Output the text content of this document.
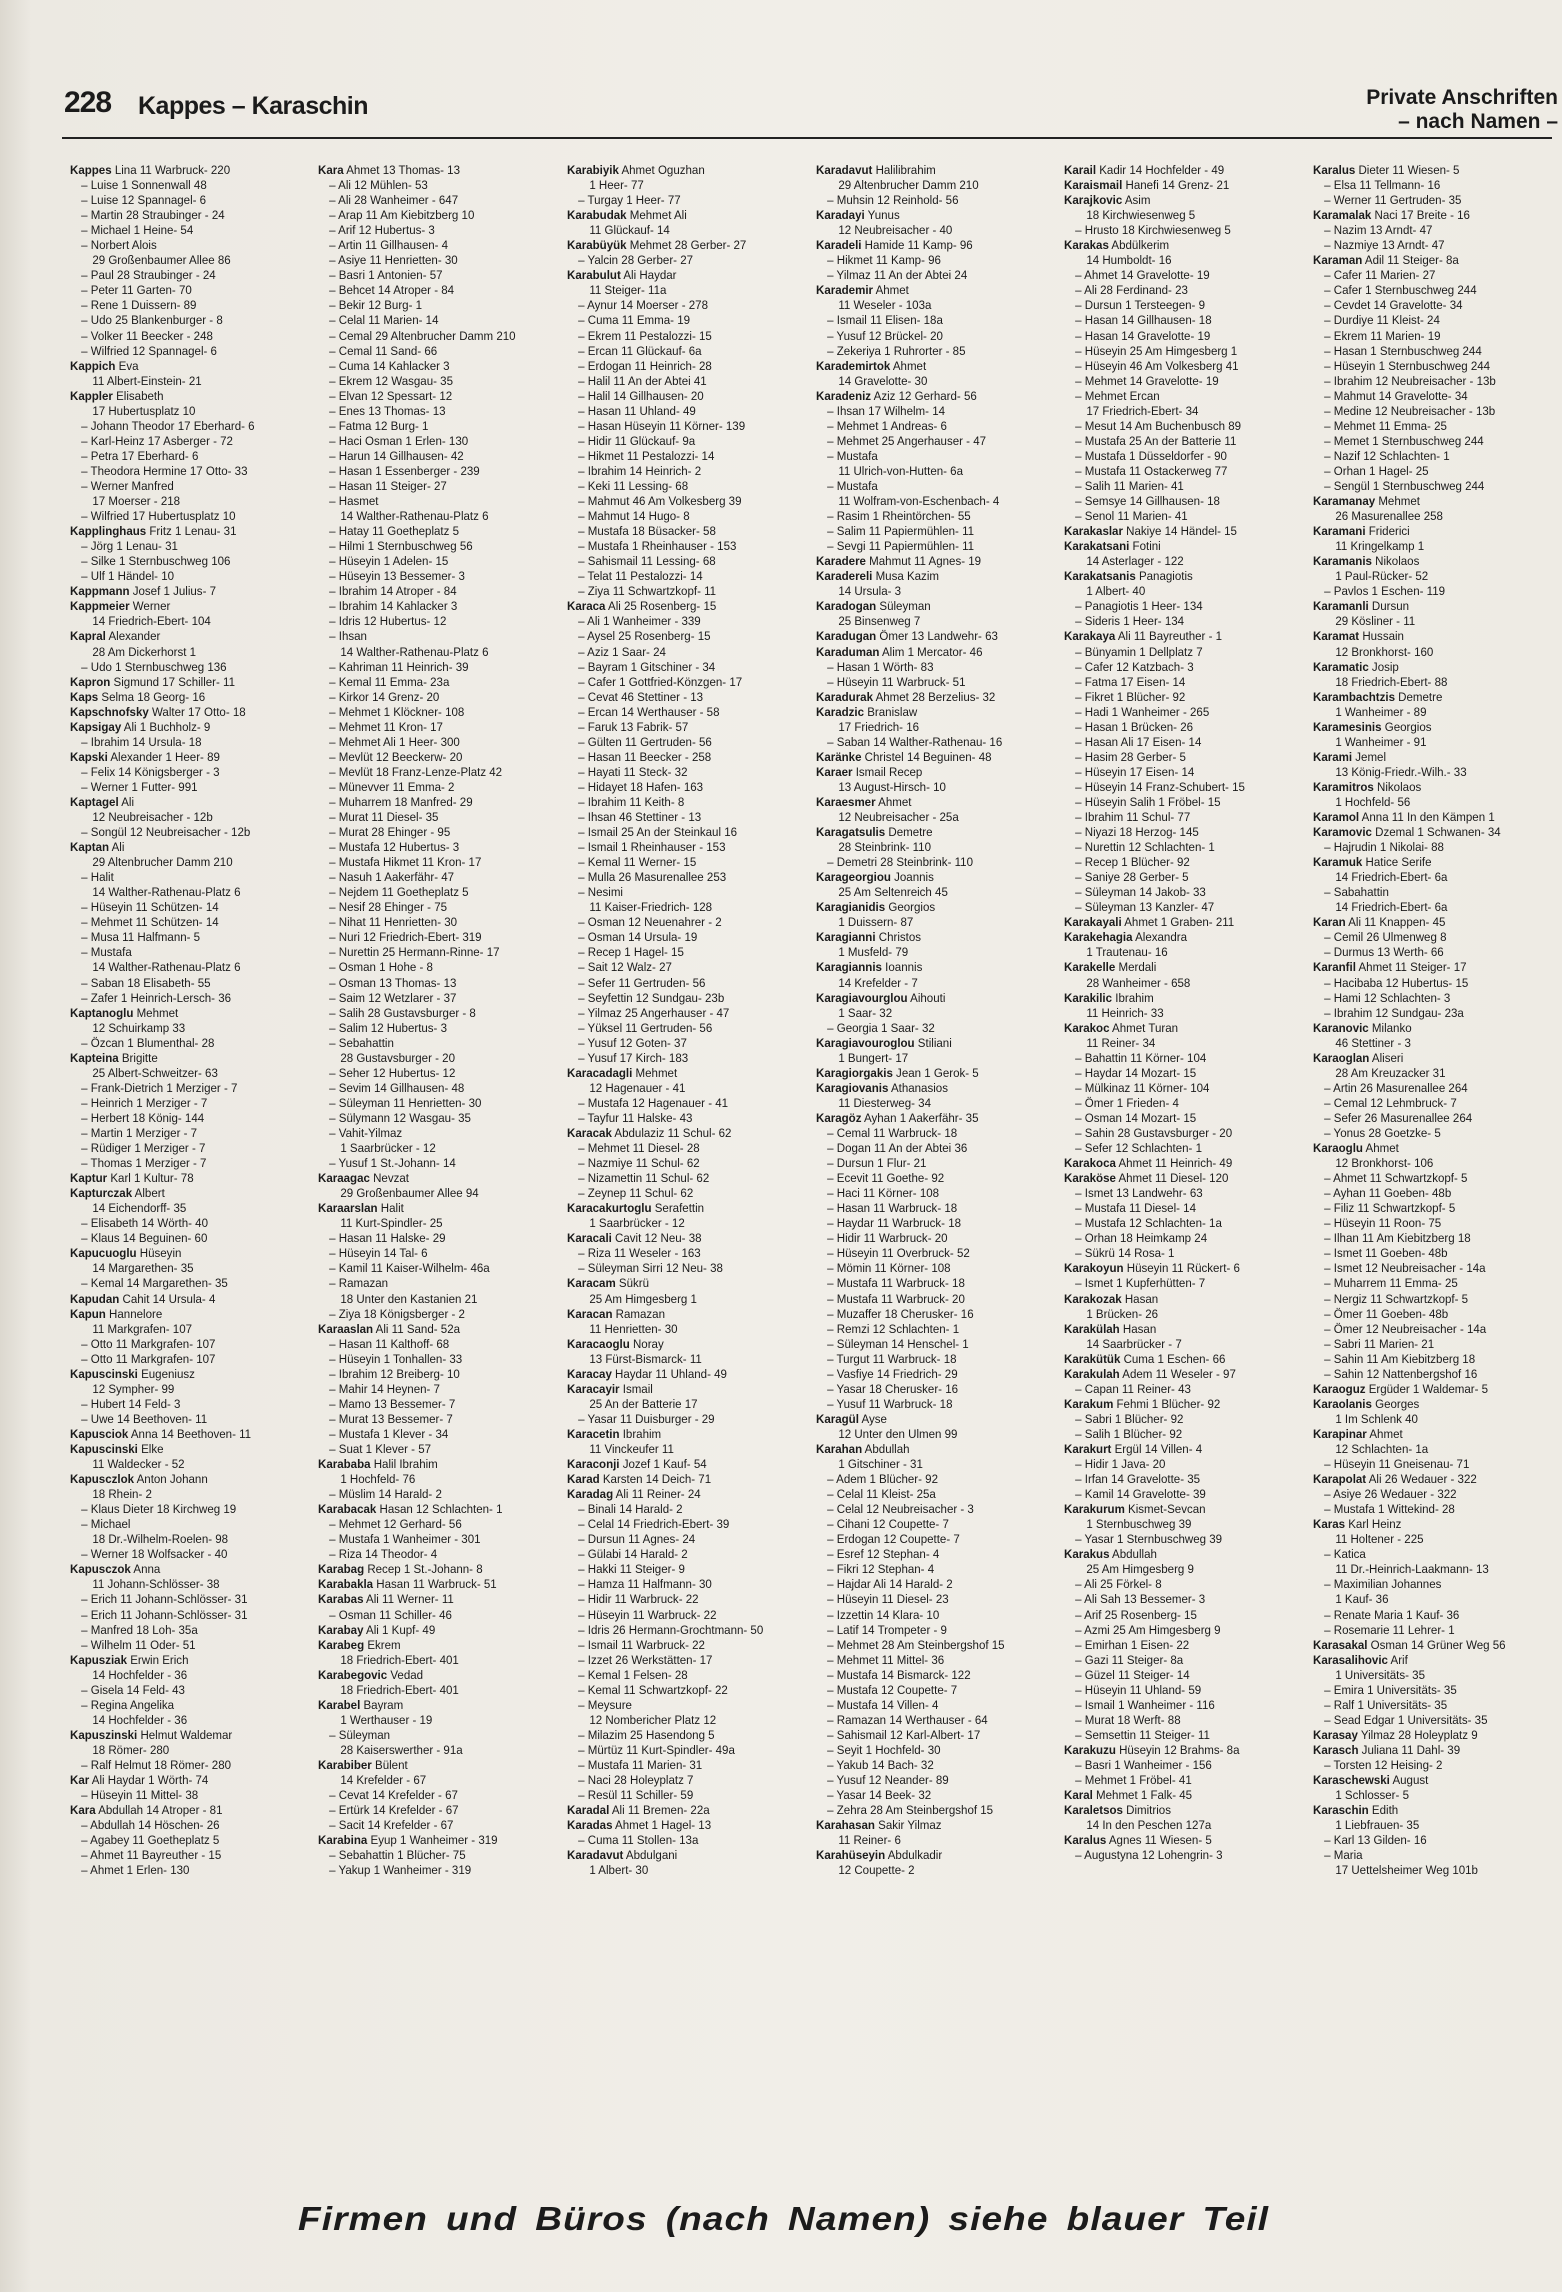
228 Kappes – Karaschin	Private Anschriften
– nach Namen –
Kappes Lina 11 Warbruck- 220
– Luise 1 Sonnenwall 48
– Luise 12 Spannagel- 6
– Martin 28 Straubinger - 24
– Michael 1 Heine- 54
– Norbert Alois
29 Großenbaumer Allee 86
– Paul 28 Straubinger - 24
– Peter 11 Garten- 70
– Rene 1 Duissern- 89
– Udo 25 Blankenburger - 8
– Volker 11 Beecker - 248
– Wilfried 12 Spannagel- 6
Kappich Eva
11 Albert-Einstein- 21
Kappler Elisabeth
17 Hubertusplatz 10
– Johann Theodor 17 Eberhard- 6
– Karl-Heinz 17 Asberger - 72
– Petra 17 Eberhard- 6
– Theodora Hermine 17 Otto- 33
– Werner Manfred
17 Moerser - 218
– Wilfried 17 Hubertusplatz 10
Kapplinghaus Fritz 1 Lenau- 31
– Jörg 1 Lenau- 31
– Silke 1 Sternbuschweg 106
– Ulf 1 Händel- 10
Kappmann Josef 1 Julius- 7
Kappmeier Werner
14 Friedrich-Ebert- 104
Kapral Alexander
28 Am Dickerhorst 1
– Udo 1 Sternbuschweg 136
Kapron Sigmund 17 Schiller- 11
Kaps Selma 18 Georg- 16
Kapschnofsky Walter 17 Otto- 18
Kapsigay Ali 1 Buchholz- 9
– Ibrahim 14 Ursula- 18
Kapski Alexander 1 Heer- 89
– Felix 14 Königsberger - 3
– Werner 1 Futter- 991
Kaptagel Ali
12 Neubreisacher - 12b
– Songül 12 Neubreisacher - 12b
Kaptan Ali
29 Altenbrucher Damm 210
– Halit
14 Walther-Rathenau-Platz 6
– Hüseyin 11 Schützen- 14
– Mehmet 11 Schützen- 14
– Musa 11 Halfmann- 5
– Mustafa
14 Walther-Rathenau-Platz 6
– Saban 18 Elisabeth- 55
– Zafer 1 Heinrich-Lersch- 36
Kaptanoglu Mehmet
12 Schuirkamp 33
– Özcan 1 Blumenthal- 28
Kapteina Brigitte
25 Albert-Schweitzer- 63
– Frank-Dietrich 1 Merziger - 7
– Heinrich 1 Merziger - 7
– Herbert 18 König- 144
– Martin 1 Merziger - 7
– Rüdiger 1 Merziger - 7
– Thomas 1 Merziger - 7
Kaptur Karl 1 Kultur- 78
Kapturczak Albert
14 Eichendorff- 35
– Elisabeth 14 Wörth- 40
– Klaus 14 Beguinen- 60
Kapucuoglu Hüseyin
14 Margarethen- 35
– Kemal 14 Margarethen- 35
Kapudan Cahit 14 Ursula- 4
Kapun Hannelore
11 Markgrafen- 107
– Otto 11 Markgrafen- 107
– Otto 11 Markgrafen- 107
Kapuscinski Eugeniusz
12 Sympher- 99
– Hubert 14 Feld- 3
– Uwe 14 Beethoven- 11
Kapusciok Anna 14 Beethoven- 11
Kapuscinski Elke
11 Waldecker - 52
Kapusczlok Anton Johann
18 Rhein- 2
– Klaus Dieter 18 Kirchweg 19
– Michael
18 Dr.-Wilhelm-Roelen- 98
– Werner 18 Wolfsacker - 40
Kapusczok Anna
11 Johann-Schlösser- 38
– Erich 11 Johann-Schlösser- 31
– Erich 11 Johann-Schlösser- 31
– Manfred 18 Loh- 35a
– Wilhelm 11 Oder- 51
Kapusziak Erwin Erich
14 Hochfelder - 36
– Gisela 14 Feld- 43
– Regina Angelika
14 Hochfelder - 36
Kapuszinski Helmut Waldemar
18 Römer- 280
– Ralf Helmut 18 Römer- 280
Kar Ali Haydar 1 Wörth- 74
– Hüseyin 11 Mittel- 38
Kara Abdullah 14 Atroper - 81
– Abdullah 14 Höschen- 26
– Agabey 11 Goetheplatz 5
– Ahmet 11 Bayreuther - 15
– Ahmet 1 Erlen- 130
Kara Ahmet 13 Thomas- 13
– Ali 12 Mühlen- 53
– Ali 28 Wanheimer - 647
– Arap 11 Am Kiebitzberg 10
– Arif 12 Hubertus- 3
– Artin 11 Gillhausen- 4
– Asiye 11 Henrietten- 30
– Basri 1 Antonien- 57
– Behcet 14 Atroper - 84
– Bekir 12 Burg- 1
– Celal 11 Marien- 14
– Cemal 29 Altenbrucher Damm 210
– Cemal 11 Sand- 66
– Cuma 14 Kahlacker 3
– Ekrem 12 Wasgau- 35
– Elvan 12 Spessart- 12
– Enes 13 Thomas- 13
– Fatma 12 Burg- 1
– Haci Osman 1 Erlen- 130
– Harun 14 Gillhausen- 42
– Hasan 1 Essenberger - 239
– Hasan 11 Steiger- 27
– Hasmet
14 Walther-Rathenau-Platz 6
– Hatay 11 Goetheplatz 5
– Hilmi 1 Sternbuschweg 56
– Hüseyin 1 Adelen- 15
– Hüseyin 13 Bessemer- 3
– Ibrahim 14 Atroper - 84
– Ibrahim 14 Kahlacker 3
– Idris 12 Hubertus- 12
– Ihsan
14 Walther-Rathenau-Platz 6
– Kahriman 11 Heinrich- 39
– Kemal 11 Emma- 23a
– Kirkor 14 Grenz- 20
– Mehmet 1 Klöckner- 108
– Mehmet 11 Kron- 17
– Mehmet Ali 1 Heer- 300
– Mevlüt 12 Beeckerw- 20
– Mevlüt 18 Franz-Lenze-Platz 42
– Münevver 11 Emma- 2
– Muharrem 18 Manfred- 29
– Murat 11 Diesel- 35
– Murat 28 Ehinger - 95
– Mustafa 12 Hubertus- 3
– Mustafa Hikmet 11 Kron- 17
– Nasuh 1 Aakerfähr- 47
– Nejdem 11 Goetheplatz 5
– Nesif 28 Ehinger - 75
– Nihat 11 Henrietten- 30
– Nuri 12 Friedrich-Ebert- 319
– Nurettin 25 Hermann-Rinne- 17
– Osman 1 Hohe - 8
– Osman 13 Thomas- 13
– Saim 12 Wetzlarer - 37
– Salih 28 Gustavsburger - 8
– Salim 12 Hubertus- 3
– Sebahattin
28 Gustavsburger - 20
– Seher 12 Hubertus- 12
– Sevim 14 Gillhausen- 48
– Süleyman 11 Henrietten- 30
– Sülymann 12 Wasgau- 35
– Vahit-Yilmaz
1 Saarbrücker - 12
– Yusuf 1 St.-Johann- 14
Karaagac Nevzat
29 Großenbaumer Allee 94
Karaarslan Halit
11 Kurt-Spindler- 25
– Hasan 11 Halske- 29
– Hüseyin 14 Tal- 6
– Kamil 11 Kaiser-Wilhelm- 46a
– Ramazan
18 Unter den Kastanien 21
– Ziya 18 Königsberger - 2
Karaaslan Ali 11 Sand- 52a
– Hasan 11 Kalthoff- 68
– Hüseyin 1 Tonhallen- 33
– Ibrahim 12 Breiberg- 10
– Mahir 14 Heynen- 7
– Mamo 13 Bessemer- 7
– Murat 13 Bessemer- 7
– Mustafa 1 Klever - 34
– Suat 1 Klever - 57
Karababa Halil Ibrahim
1 Hochfeld- 76
– Müslim 14 Harald- 2
Karabacak Hasan 12 Schlachten- 1
– Mehmet 12 Gerhard- 56
– Mustafa 1 Wanheimer - 301
– Riza 14 Theodor- 4
Karabag Recep 1 St.-Johann- 8
Karabakla Hasan 11 Warbruck- 51
Karabas Ali 11 Werner- 11
– Osman 11 Schiller- 46
Karabay Ali 1 Kupf- 49
Karabeg Ekrem
18 Friedrich-Ebert- 401
Karabegovic Vedad
18 Friedrich-Ebert- 401
Karabel Bayram
1 Werthauser - 19
– Süleyman
28 Kaiserswerther - 91a
Karabiber Bülent
14 Krefelder - 67
– Cevat 14 Krefelder - 67
– Ertürk 14 Krefelder - 67
– Sacit 14 Krefelder - 67
Karabina Eyup 1 Wanheimer - 319
– Sebahattin 1 Blücher- 75
– Yakup 1 Wanheimer - 319
Karabiyik Ahmet Oguzhan
1 Heer- 77
– Turgay 1 Heer- 77
Karabudak Mehmet Ali
11 Glückauf- 14
Karabüyük Mehmet 28 Gerber- 27
– Yalcin 28 Gerber- 27
Karabulut Ali Haydar
11 Steiger- 11a
– Aynur 14 Moerser - 278
– Cuma 11 Emma- 19
– Ekrem 11 Pestalozzi- 15
– Ercan 11 Glückauf- 6a
– Erdogan 11 Heinrich- 28
– Halil 11 An der Abtei 41
– Halil 14 Gillhausen- 20
– Hasan 11 Uhland- 49
– Hasan Hüseyin 11 Körner- 139
– Hidir 11 Glückauf- 9a
– Hikmet 11 Pestalozzi- 14
– Ibrahim 14 Heinrich- 2
– Keki 11 Lessing- 68
– Mahmut 46 Am Volkesberg 39
– Mahmut 14 Hugo- 8
– Mustafa 18 Büsacker- 58
– Mustafa 1 Rheinhauser - 153
– Sahismail 11 Lessing- 68
– Telat 11 Pestalozzi- 14
– Ziya 11 Schwartzkopf- 11
Karaca Ali 25 Rosenberg- 15
– Ali 1 Wanheimer - 339
– Aysel 25 Rosenberg- 15
– Aziz 1 Saar- 24
– Bayram 1 Gitschiner - 34
– Cafer 1 Gottfried-Könzgen- 17
– Cevat 46 Stettiner - 13
– Ercan 14 Werthauser - 58
– Faruk 13 Fabrik- 57
– Gülten 11 Gertruden- 56
– Hasan 11 Beecker - 258
– Hayati 11 Steck- 32
– Hidayet 18 Hafen- 163
– Ibrahim 11 Keith- 8
– Ihsan 46 Stettiner - 13
– Ismail 25 An der Steinkaul 16
– Ismail 1 Rheinhauser - 153
– Kemal 11 Werner- 15
– Mulla 26 Masurenallee 253
– Nesimi
11 Kaiser-Friedrich- 128
– Osman 12 Neuenahrer - 2
– Osman 14 Ursula- 19
– Recep 1 Hagel- 15
– Sait 12 Walz- 27
– Sefer 11 Gertruden- 56
– Seyfettin 12 Sundgau- 23b
– Yilmaz 25 Angerhauser - 47
– Yüksel 11 Gertruden- 56
– Yusuf 12 Goten- 37
– Yusuf 17 Kirch- 183
Karacadagli Mehmet
12 Hagenauer - 41
– Mustafa 12 Hagenauer - 41
– Tayfur 11 Halske- 43
Karacak Abdulaziz 11 Schul- 62
– Mehmet 11 Diesel- 28
– Nazmiye 11 Schul- 62
– Nizamettin 11 Schul- 62
– Zeynep 11 Schul- 62
Karacakurtoglu Serafettin
1 Saarbrücker - 12
Karacali Cavit 12 Neu- 38
– Riza 11 Weseler - 163
– Süleyman Sirri 12 Neu- 38
Karacam Sükrü
25 Am Himgesberg 1
Karacan Ramazan
11 Henrietten- 30
Karacaoglu Noray
13 Fürst-Bismarck- 11
Karacay Haydar 11 Uhland- 49
Karacayir Ismail
25 An der Batterie 17
– Yasar 11 Duisburger - 29
Karacetin Ibrahim
11 Vinckeufer 11
Karaconji Jozef 1 Kauf- 54
Karad Karsten 14 Deich- 71
Karadag Ali 11 Reiner- 24
– Binali 14 Harald- 2
– Celal 14 Friedrich-Ebert- 39
– Dursun 11 Agnes- 24
– Gülabi 14 Harald- 2
– Hakki 11 Steiger- 9
– Hamza 11 Halfmann- 30
– Hidir 11 Warbruck- 22
– Hüseyin 11 Warbruck- 22
– Idris 26 Hermann-Grochtmann- 50
– Ismail 11 Warbruck- 22
– Izzet 26 Werkstätten- 17
– Kemal 1 Felsen- 28
– Kemal 11 Schwartzkopf- 22
– Meysure
12 Nombericher Platz 12
– Milazim 25 Hasendong 5
– Mürtüz 11 Kurt-Spindler- 49a
– Mustafa 11 Marien- 31
– Naci 28 Holeyplatz 7
– Resül 11 Schiller- 59
Karadal Ali 11 Bremen- 22a
Karadas Ahmet 1 Hagel- 13
– Cuma 11 Stollen- 13a
Karadavut Abdulgani
1 Albert- 30
Karadavut Halilibrahim
29 Altenbrucher Damm 210
– Muhsin 12 Reinhold- 56
Karadayi Yunus
12 Neubreisacher - 40
Karadeli Hamide 11 Kamp- 96
– Hikmet 11 Kamp- 96
– Yilmaz 11 An der Abtei 24
Karademir Ahmet
11 Weseler - 103a
– Ismail 11 Elisen- 18a
– Yusuf 12 Brückel- 20
– Zekeriya 1 Ruhrorter - 85
Karademirtok Ahmet
14 Gravelotte- 30
Karadeniz Aziz 12 Gerhard- 56
– Ihsan 17 Wilhelm- 14
– Mehmet 1 Andreas- 6
– Mehmet 25 Angerhauser - 47
– Mustafa
11 Ulrich-von-Hutten- 6a
– Mustafa
11 Wolfram-von-Eschenbach- 4
– Rasim 1 Rheintörchen- 55
– Salim 11 Papiermühlen- 11
– Sevgi 11 Papiermühlen- 11
Karadere Mahmut 11 Agnes- 19
Karadereli Musa Kazim
14 Ursula- 3
Karadogan Süleyman
25 Binsenweg 7
Karadugan Ömer 13 Landwehr- 63
Karaduman Alim 1 Mercator- 46
– Hasan 1 Wörth- 83
– Hüseyin 11 Warbruck- 51
Karadurak Ahmet 28 Berzelius- 32
Karadzic Branislaw
17 Friedrich- 16
– Saban 14 Walther-Rathenau- 16
Karänke Christel 14 Beguinen- 48
Karaer Ismail Recep
13 August-Hirsch- 10
Karaesmer Ahmet
12 Neubreisacher - 25a
Karagatsulis Demetre
28 Steinbrink- 110
– Demetri 28 Steinbrink- 110
Karageorgiou Joannis
25 Am Seltenreich 45
Karagianidis Georgios
1 Duissern- 87
Karagianni Christos
1 Musfeld- 79
Karagiannis Ioannis
14 Krefelder - 7
Karagiavourglou Aihouti
1 Saar- 32
– Georgia 1 Saar- 32
Karagiavouroglou Stiliani
1 Bungert- 17
Karagiorgakis Jean 1 Gerok- 5
Karagiovanis Athanasios
11 Diesterweg- 34
Karagöz Ayhan 1 Aakerfähr- 35
– Cemal 11 Warbruck- 18
– Dogan 11 An der Abtei 36
– Dursun 1 Flur- 21
– Ecevit 11 Goethe- 92
– Haci 11 Körner- 108
– Hasan 11 Warbruck- 18
– Haydar 11 Warbruck- 18
– Hidir 11 Warbruck- 20
– Hüseyin 11 Overbruck- 52
– Mömin 11 Körner- 108
– Mustafa 11 Warbruck- 18
– Mustafa 11 Warbruck- 20
– Muzaffer 18 Cherusker- 16
– Remzi 12 Schlachten- 1
– Süleyman 14 Henschel- 1
– Turgut 11 Warbruck- 18
– Vasfiye 14 Friedrich- 29
– Yasar 18 Cherusker- 16
– Yusuf 11 Warbruck- 18
Karagül Ayse
12 Unter den Ulmen 99
Karahan Abdullah
1 Gitschiner - 31
– Adem 1 Blücher- 92
– Celal 11 Kleist- 25a
– Celal 12 Neubreisacher - 3
– Cihani 12 Coupette- 7
– Erdogan 12 Coupette- 7
– Esref 12 Stephan- 4
– Fikri 12 Stephan- 4
– Hajdar Ali 14 Harald- 2
– Hüseyin 11 Diesel- 23
– Izzettin 14 Klara- 10
– Latif 14 Trompeter - 9
– Mehmet 28 Am Steinbergshof 15
– Mehmet 11 Mittel- 36
– Mustafa 14 Bismarck- 122
– Mustafa 12 Coupette- 7
– Mustafa 14 Villen- 4
– Ramazan 14 Werthauser - 64
– Sahismail 12 Karl-Albert- 17
– Seyit 1 Hochfeld- 30
– Yakub 14 Bach- 32
– Yusuf 12 Neander- 89
– Yasar 14 Beek- 32
– Zehra 28 Am Steinbergshof 15
Karahasan Sakir Yilmaz
11 Reiner- 6
Karahüseyin Abdulkadir
12 Coupette- 2
Karail Kadir 14 Hochfelder - 49
Karaismail Hanefi 14 Grenz- 21
Karajkovic Asim
18 Kirchwiesenweg 5
– Hrusto 18 Kirchwiesenweg 5
Karakas Abdülkerim
14 Humboldt- 16
– Ahmet 14 Gravelotte- 19
– Ali 28 Ferdinand- 23
– Dursun 1 Tersteegen- 9
– Hasan 14 Gillhausen- 18
– Hasan 14 Gravelotte- 19
– Hüseyin 25 Am Himgesberg 1
– Hüseyin 46 Am Volkesberg 41
– Mehmet 14 Gravelotte- 19
– Mehmet Ercan
17 Friedrich-Ebert- 34
– Mesut 14 Am Buchenbusch 89
– Mustafa 25 An der Batterie 11
– Mustafa 1 Düsseldorfer - 90
– Mustafa 11 Ostackerweg 77
– Salih 11 Marien- 41
– Semsye 14 Gillhausen- 18
– Senol 11 Marien- 41
Karakaslar Nakiye 14 Händel- 15
Karakatsani Fotini
14 Asterlager - 122
Karakatsanis Panagiotis
1 Albert- 40
– Panagiotis 1 Heer- 134
– Sideris 1 Heer- 134
Karakaya Ali 11 Bayreuther - 1
– Bünyamin 1 Dellplatz 7
– Cafer 12 Katzbach- 3
– Fatma 17 Eisen- 14
– Fikret 1 Blücher- 92
– Hadi 1 Wanheimer - 265
– Hasan 1 Brücken- 26
– Hasan Ali 17 Eisen- 14
– Hasim 28 Gerber- 5
– Hüseyin 17 Eisen- 14
– Hüseyin 14 Franz-Schubert- 15
– Hüseyin Salih 1 Fröbel- 15
– Ibrahim 11 Schul- 77
– Niyazi 18 Herzog- 145
– Nurettin 12 Schlachten- 1
– Recep 1 Blücher- 92
– Saniye 28 Gerber- 5
– Süleyman 14 Jakob- 33
– Süleyman 13 Kanzler- 47
Karakayali Ahmet 1 Graben- 211
Karakehagia Alexandra
1 Trautenau- 16
Karakelle Merdali
28 Wanheimer - 658
Karakilic Ibrahim
11 Heinrich- 33
Karakoc Ahmet Turan
11 Reiner- 34
– Bahattin 11 Körner- 104
– Haydar 14 Mozart- 15
– Mülkinaz 11 Körner- 104
– Ömer 1 Frieden- 4
– Osman 14 Mozart- 15
– Sahin 28 Gustavsburger - 20
– Sefer 12 Schlachten- 1
Karakoca Ahmet 11 Heinrich- 49
Karaköse Ahmet 11 Diesel- 120
– Ismet 13 Landwehr- 63
– Mustafa 11 Diesel- 14
– Mustafa 12 Schlachten- 1a
– Orhan 18 Heimkamp 24
– Sükrü 14 Rosa- 1
Karakoyun Hüseyin 11 Rückert- 6
– Ismet 1 Kupferhütten- 7
Karakozak Hasan
1 Brücken- 26
Karakülah Hasan
14 Saarbrücker - 7
Karakütük Cuma 1 Eschen- 66
Karakulah Adem 11 Weseler - 97
– Capan 11 Reiner- 43
Karakum Fehmi 1 Blücher- 92
– Sabri 1 Blücher- 92
– Salih 1 Blücher- 92
Karakurt Ergül 14 Villen- 4
– Hidir 1 Java- 20
– Irfan 14 Gravelotte- 35
– Kamil 14 Gravelotte- 39
Karakurum Kismet-Sevcan
1 Sternbuschweg 39
– Yasar 1 Sternbuschweg 39
Karakus Abdullah
25 Am Himgesberg 9
– Ali 25 Förkel- 8
– Ali Sah 13 Bessemer- 3
– Arif 25 Rosenberg- 15
– Azmi 25 Am Himgesberg 9
– Emirhan 1 Eisen- 22
– Gazi 11 Steiger- 8a
– Güzel 11 Steiger- 14
– Hüseyin 11 Uhland- 59
– Ismail 1 Wanheimer - 116
– Murat 18 Werft- 88
– Semsettin 11 Steiger- 11
Karakuzu Hüseyin 12 Brahms- 8a
– Basri 1 Wanheimer - 156
– Mehmet 1 Fröbel- 41
Karal Mehmet 1 Falk- 45
Karaletsos Dimitrios
14 In den Peschen 127a
Karalus Agnes 11 Wiesen- 5
– Augustyna 12 Lohengrin- 3
Karalus Dieter 11 Wiesen- 5
– Elsa 11 Tellmann- 16
– Werner 11 Gertruden- 35
Karamalak Naci 17 Breite - 16
– Nazim 13 Arndt- 47
– Nazmiye 13 Arndt- 47
Karaman Adil 11 Steiger- 8a
– Cafer 11 Marien- 27
– Cafer 1 Sternbuschweg 244
– Cevdet 14 Gravelotte- 34
– Durdiye 11 Kleist- 24
– Ekrem 11 Marien- 19
– Hasan 1 Sternbuschweg 244
– Hüseyin 1 Sternbuschweg 244
– Ibrahim 12 Neubreisacher - 13b
– Mahmut 14 Gravelotte- 34
– Medine 12 Neubreisacher - 13b
– Mehmet 11 Emma- 25
– Memet 1 Sternbuschweg 244
– Nazif 12 Schlachten- 1
– Orhan 1 Hagel- 25
– Sengül 1 Sternbuschweg 244
Karamanay Mehmet
26 Masurenallee 258
Karamani Friderici
11 Kringelkamp 1
Karamanis Nikolaos
1 Paul-Rücker- 52
– Pavlos 1 Eschen- 119
Karamanli Dursun
29 Kösliner - 11
Karamat Hussain
12 Bronkhorst- 160
Karamatic Josip
18 Friedrich-Ebert- 88
Karambachtzis Demetre
1 Wanheimer - 89
Karamesinis Georgios
1 Wanheimer - 91
Karami Jemel
13 König-Friedr.-Wilh.- 33
Karamitros Nikolaos
1 Hochfeld- 56
Karamol Anna 11 In den Kämpen 1
Karamovic Dzemal 1 Schwanen- 34
– Hajrudin 1 Nikolai- 88
Karamuk Hatice Serife
14 Friedrich-Ebert- 6a
– Sabahattin
14 Friedrich-Ebert- 6a
Karan Ali 11 Knappen- 45
– Cemil 26 Ulmenweg 8
– Durmus 13 Werth- 66
Karanfil Ahmet 11 Steiger- 17
– Hacibaba 12 Hubertus- 15
– Hami 12 Schlachten- 3
– Ibrahim 12 Sundgau- 23a
Karanovic Milanko
46 Stettiner - 3
Karaoglan Aliseri
28 Am Kreuzacker 31
– Artin 26 Masurenallee 264
– Cemal 12 Lehmbruck- 7
– Sefer 26 Masurenallee 264
– Yonus 28 Goetzke- 5
Karaoglu Ahmet
12 Bronkhorst- 106
– Ahmet 11 Schwartzkopf- 5
– Ayhan 11 Goeben- 48b
– Filiz 11 Schwartzkopf- 5
– Hüseyin 11 Roon- 75
– Ilhan 11 Am Kiebitzberg 18
– Ismet 11 Goeben- 48b
– Ismet 12 Neubreisacher - 14a
– Muharrem 11 Emma- 25
– Nergiz 11 Schwartzkopf- 5
– Ömer 11 Goeben- 48b
– Ömer 12 Neubreisacher - 14a
– Sabri 11 Marien- 21
– Sahin 11 Am Kiebitzberg 18
– Sahin 12 Nattenbergshof 16
Karaoguz Ergüder 1 Waldemar- 5
Karaolanis Georges
1 Im Schlenk 40
Karapinar Ahmet
12 Schlachten- 1a
– Hüseyin 11 Gneisenau- 71
Karapolat Ali 26 Wedauer - 322
– Asiye 26 Wedauer - 322
– Mustafa 1 Wittekind- 28
Karas Karl Heinz
11 Holtener - 225
– Katica
11 Dr.-Heinrich-Laakmann- 13
– Maximilian Johannes
1 Kauf- 36
– Renate Maria 1 Kauf- 36
– Rosemarie 11 Lehrer- 1
Karasakal Osman 14 Grüner Weg 56
Karasalihovic Arif
1 Universitäts- 35
– Emira 1 Universitäts- 35
– Ralf 1 Universitäts- 35
– Sead Edgar 1 Universitäts- 35
Karasay Yilmaz 28 Holeyplatz 9
Karasch Juliana 11 Dahl- 39
– Torsten 12 Heising- 2
Karaschewski August
1 Schlosser- 5
Karaschin Edith
1 Liebfrauen- 35
– Karl 13 Gilden- 16
– Maria
17 Uettelsheimer Weg 101b
Firmen und Büros (nach Namen) siehe blauer Teil
